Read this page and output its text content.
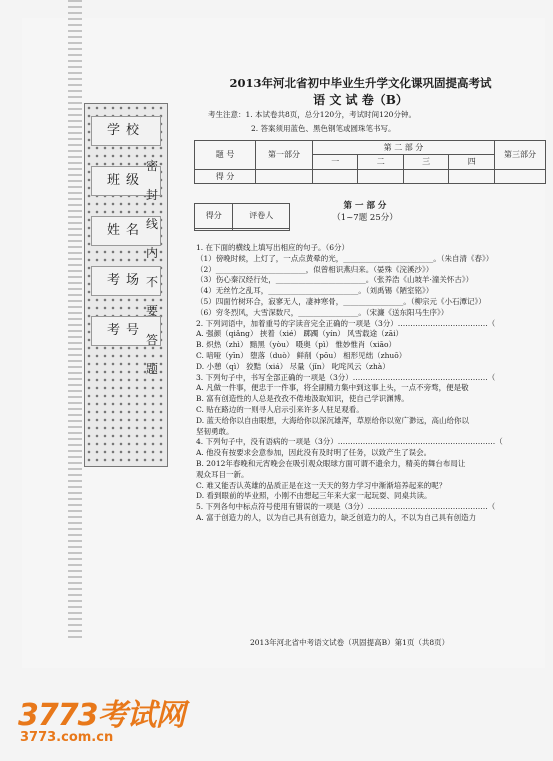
学校
班级
姓名
考场
考号
密
封
线
内
不
要
答
题
2013年河北省初中毕业生升学文化课巩固提高考试
语 文 试 卷（B）
考生注意：1. 本试卷共8页，总分120分，考试时间120分钟。
2. 答案须用蓝色、黑色钢笔或圆珠笔书写。
题 号	第一部分	第 二 部 分				第三部分
		一	二	三	四	
得 分						
得分	评卷人

第 一 部 分
（1~7题 25分）
1. 在下面的横线上填写出相应的句子。（6分）
（1）傍晚时候，上灯了，一点点黄晕的光，________________________。（朱自清《春》）
（2）________________________，似曾相识燕归来。（晏殊《浣溪沙》）
（3）伤心秦汉经行处，________________________。（张养浩《山坡羊·潼关怀古》）
（4）无丝竹之乱耳，________________________。（刘禹锡《陋室铭》）
（5）四面竹树环合，寂寥无人，凄神寒骨，________________。（柳宗元《小石潭记》）
（6）穷冬烈风，大雪深数尺，________________。（宋濂《送东阳马生序》）
2. 下列词语中，加着重号的字读音完全正确的一项是（3分）………………………………（
A. 强颜（qiǎng） 挟着（xié） 踯躅（yín） 风雪载途（zāi）
B. 炽热（zhì） 黯黑（yòu） 嗫奥（pì） 惟妙惟肖（xiāo）
C. 喑哑（yīn） 堕落（duò） 鲜削（pōu） 相形见绌（zhuō）
D. 小憩（qì） 狡黠（xiá） 尽量（jǐn） 叱咤风云（zhà）
3. 下列句子中，书写全部正确的一项是（3分）………………………………………………（
A. 凡做一件事，便忠于一件事，将全副精力集中到这事上头，一点不旁骛，便是敬
B. 富有创造性的人总是孜孜不倦地汲取知识，使自己学识渊博。
C. 贴在路边的一则寻人启示引来许多人驻足观看。
D. 蓝天给你以自由眼想，大海给你以深沉雄浑，草原给你以宽广渺远，高山给你以
坚韧勇敢。
4. 下列句子中，没有语病的一项是（3分）………………………………………………………（
A. 他没有按要求会意参加，因此没有及时明了任务，以致产生了误会。
B. 2012年春晚和元宵晚会在吸引观众眼球方面可谓不遗余力，精美的舞台布局让
观众耳目一新。
C. 难又能否认英雄的品质正是在这一天天的努力学习中渐渐培养起来的呢？
D. 看到眼前的毕业照，小刚不由想起三年来大家一起玩耍、同桌共读。
5. 下列各句中标点符号使用有错误的一项是（3分）…………………………………………（
A. 富于创造力的人，以为自己具有创造力，缺乏创造力的人，不以为自己具有创造力
2013年河北省中考语文试卷（巩固提高B）第1页（共8页）
3773考试网
3773.com.cn
